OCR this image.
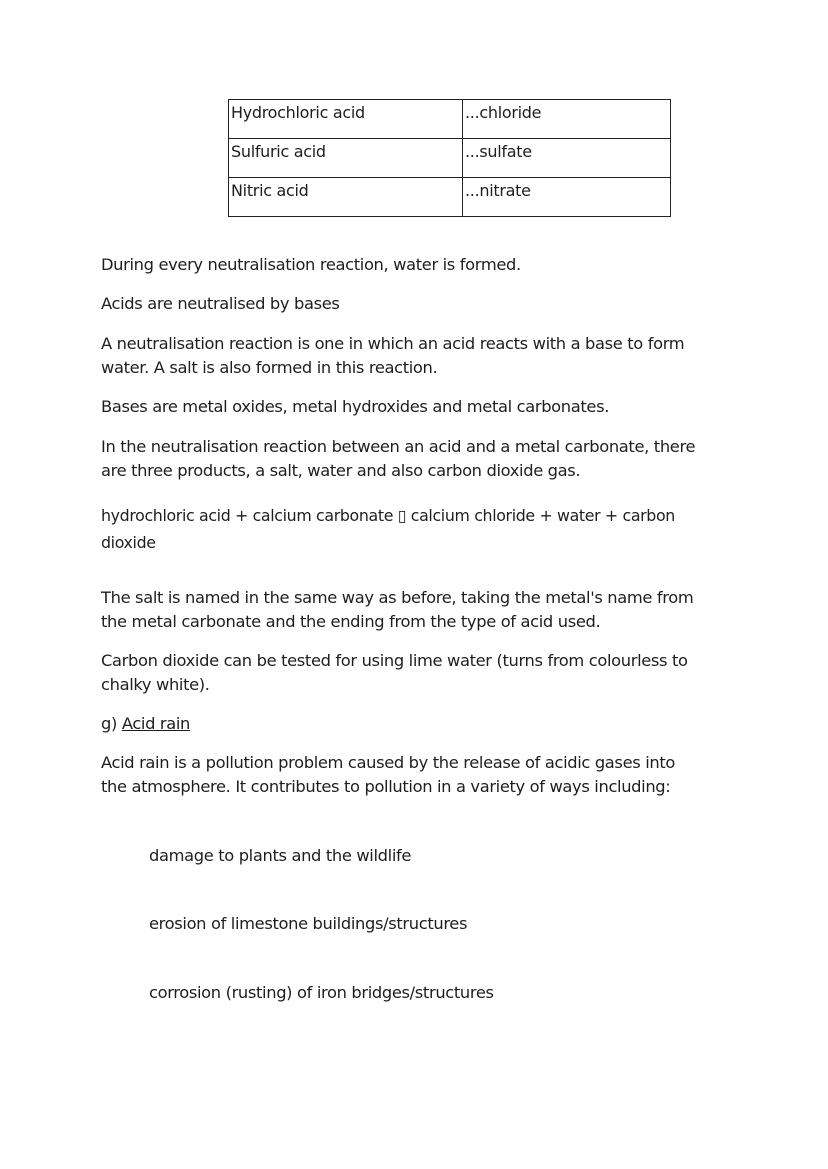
Hydrochloric acid	...chloride
Sulfuric acid	...sulfate
Nitric acid	...nitrate

During every neutralisation reaction, water is formed.

Acids are neutralised by bases

A neutralisation reaction is one in which an acid reacts with a base to form water. A salt is also formed in this reaction.

Bases are metal oxides, metal hydroxides and metal carbonates.

In the neutralisation reaction between an acid and a metal carbonate, there are three products, a salt, water and also carbon dioxide gas.

hydrochloric acid + calcium carbonate ▯ calcium chloride + water + carbon dioxide

The salt is named in the same way as before, taking the metal's name from the metal carbonate and the ending from the type of acid used.

Carbon dioxide can be tested for using lime water (turns from colourless to chalky white).

g) Acid rain

Acid rain is a pollution problem caused by the release of acidic gases into the atmosphere. It contributes to pollution in a variety of ways including:

damage to plants and the wildlife
erosion of limestone buildings/structures
corrosion (rusting) of iron bridges/structures
